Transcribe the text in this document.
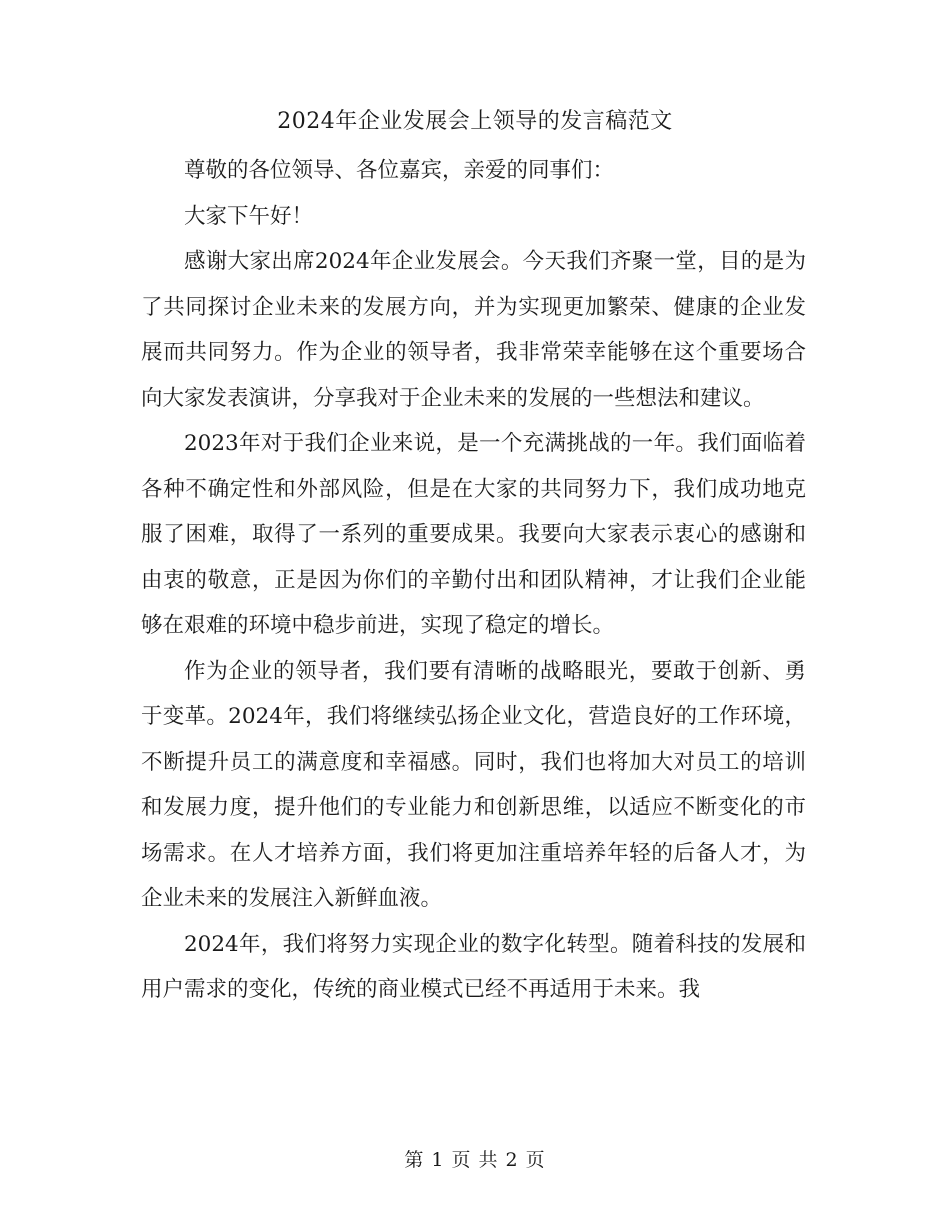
2024年企业发展会上领导的发言稿范文

尊敬的各位领导、各位嘉宾，亲爱的同事们：

大家下午好！

感谢大家出席2024年企业发展会。今天我们齐聚一堂，目的是为了共同探讨企业未来的发展方向，并为实现更加繁荣、健康的企业发展而共同努力。作为企业的领导者，我非常荣幸能够在这个重要场合向大家发表演讲，分享我对于企业未来的发展的一些想法和建议。

2023年对于我们企业来说，是一个充满挑战的一年。我们面临着各种不确定性和外部风险，但是在大家的共同努力下，我们成功地克服了困难，取得了一系列的重要成果。我要向大家表示衷心的感谢和由衷的敬意，正是因为你们的辛勤付出和团队精神，才让我们企业能够在艰难的环境中稳步前进，实现了稳定的增长。

作为企业的领导者，我们要有清晰的战略眼光，要敢于创新、勇于变革。2024年，我们将继续弘扬企业文化，营造良好的工作环境，不断提升员工的满意度和幸福感。同时，我们也将加大对员工的培训和发展力度，提升他们的专业能力和创新思维，以适应不断变化的市场需求。在人才培养方面，我们将更加注重培养年轻的后备人才，为企业未来的发展注入新鲜血液。

2024年，我们将努力实现企业的数字化转型。随着科技的发展和用户需求的变化，传统的商业模式已经不再适用于未来。我

第 1 页 共 2 页
